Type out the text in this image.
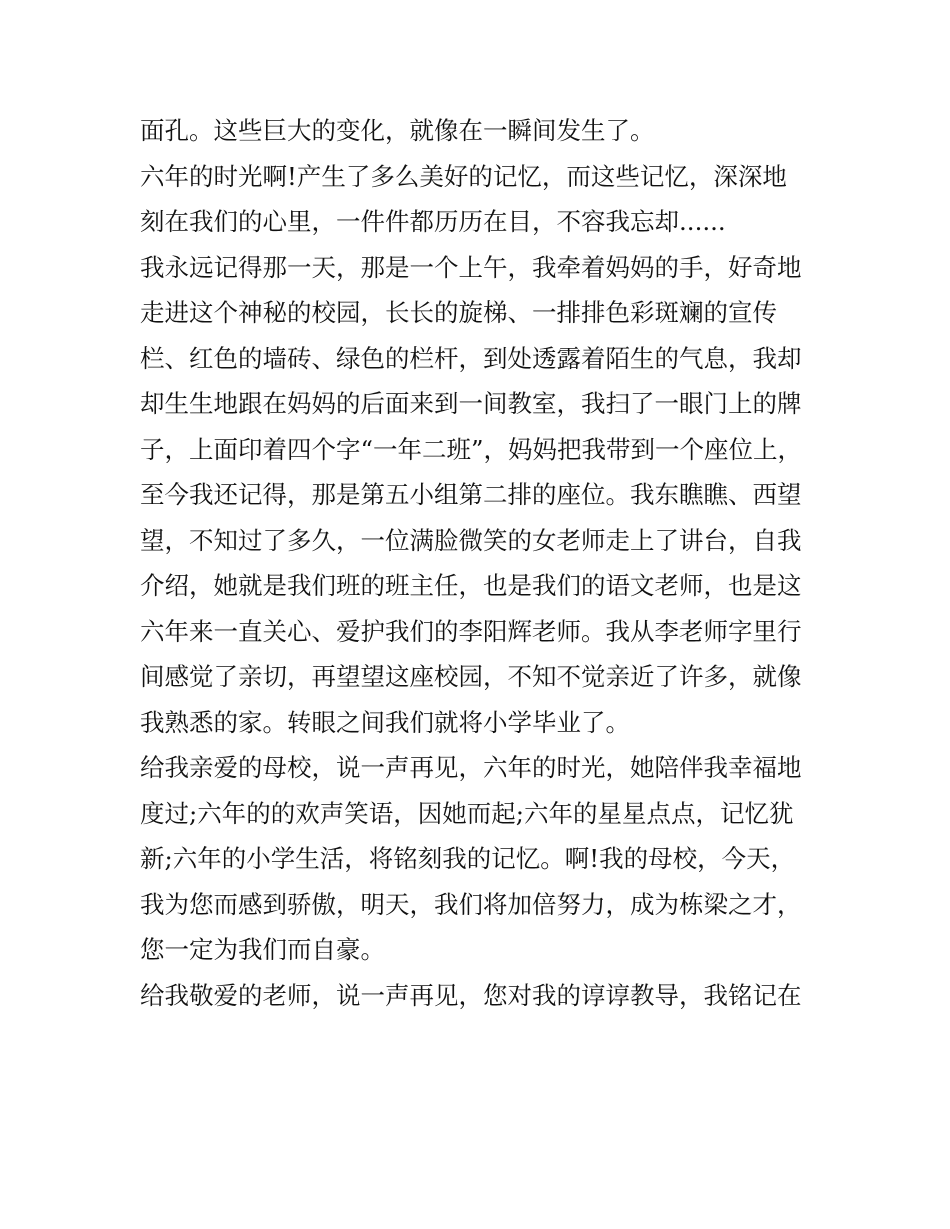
面孔。这些巨大的变化，就像在一瞬间发生了。
六年的时光啊!产生了多么美好的记忆，而这些记忆，深深地
刻在我们的心里，一件件都历历在目，不容我忘却......
我永远记得那一天，那是一个上午，我牵着妈妈的手，好奇地
走进这个神秘的校园，长长的旋梯、一排排色彩斑斓的宣传
栏、红色的墙砖、绿色的栏杆，到处透露着陌生的气息，我却
却生生地跟在妈妈的后面来到一间教室，我扫了一眼门上的牌
子，上面印着四个字“一年二班”，妈妈把我带到一个座位上，
至今我还记得，那是第五小组第二排的座位。我东瞧瞧、西望
望，不知过了多久，一位满脸微笑的女老师走上了讲台，自我
介绍，她就是我们班的班主任，也是我们的语文老师，也是这
六年来一直关心、爱护我们的李阳辉老师。我从李老师字里行
间感觉了亲切，再望望这座校园，不知不觉亲近了许多，就像
我熟悉的家。转眼之间我们就将小学毕业了。
给我亲爱的母校，说一声再见，六年的时光，她陪伴我幸福地
度过;六年的的欢声笑语，因她而起;六年的星星点点，记忆犹
新;六年的小学生活，将铭刻我的记忆。啊!我的母校，今天，
我为您而感到骄傲，明天，我们将加倍努力，成为栋梁之才，
您一定为我们而自豪。
给我敬爱的老师，说一声再见，您对我的谆谆教导，我铭记在
